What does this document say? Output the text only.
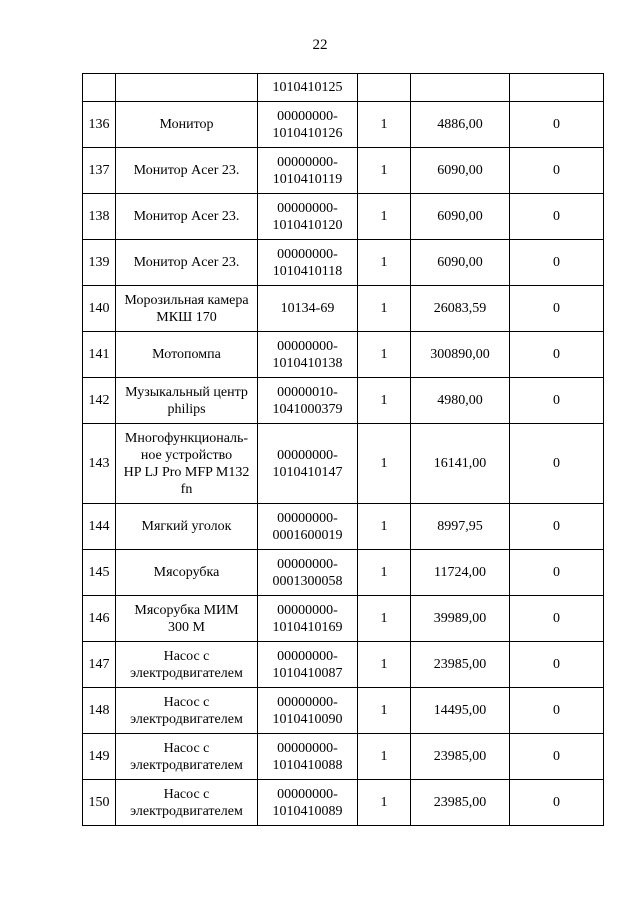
22
		1010410125			
136	Монитор	00000000-
1010410126	1	4886,00	0
137	Монитор Acer 23.	00000000-
1010410119	1	6090,00	0
138	Монитор Acer 23.	00000000-
1010410120	1	6090,00	0
139	Монитор Acer 23.	00000000-
1010410118	1	6090,00	0
140	Морозильная камера
МКШ 170	10134-69	1	26083,59	0
141	Мотопомпа	00000000-
1010410138	1	300890,00	0
142	Музыкальный центр
philips	00000010-
1041000379	1	4980,00	0
143	Многофункциональ-
ное устройство
HP LJ Pro MFP M132
fn	00000000-
1010410147	1	16141,00	0
144	Мягкий уголок	00000000-
0001600019	1	8997,95	0
145	Мясорубка	00000000-
0001300058	1	11724,00	0
146	Мясорубка МИМ
300 М	00000000-
1010410169	1	39989,00	0
147	Насос с
электродвигателем	00000000-
1010410087	1	23985,00	0
148	Насос с
электродвигателем	00000000-
1010410090	1	14495,00	0
149	Насос с
электродвигателем	00000000-
1010410088	1	23985,00	0
150	Насос с
электродвигателем	00000000-
1010410089	1	23985,00	0
